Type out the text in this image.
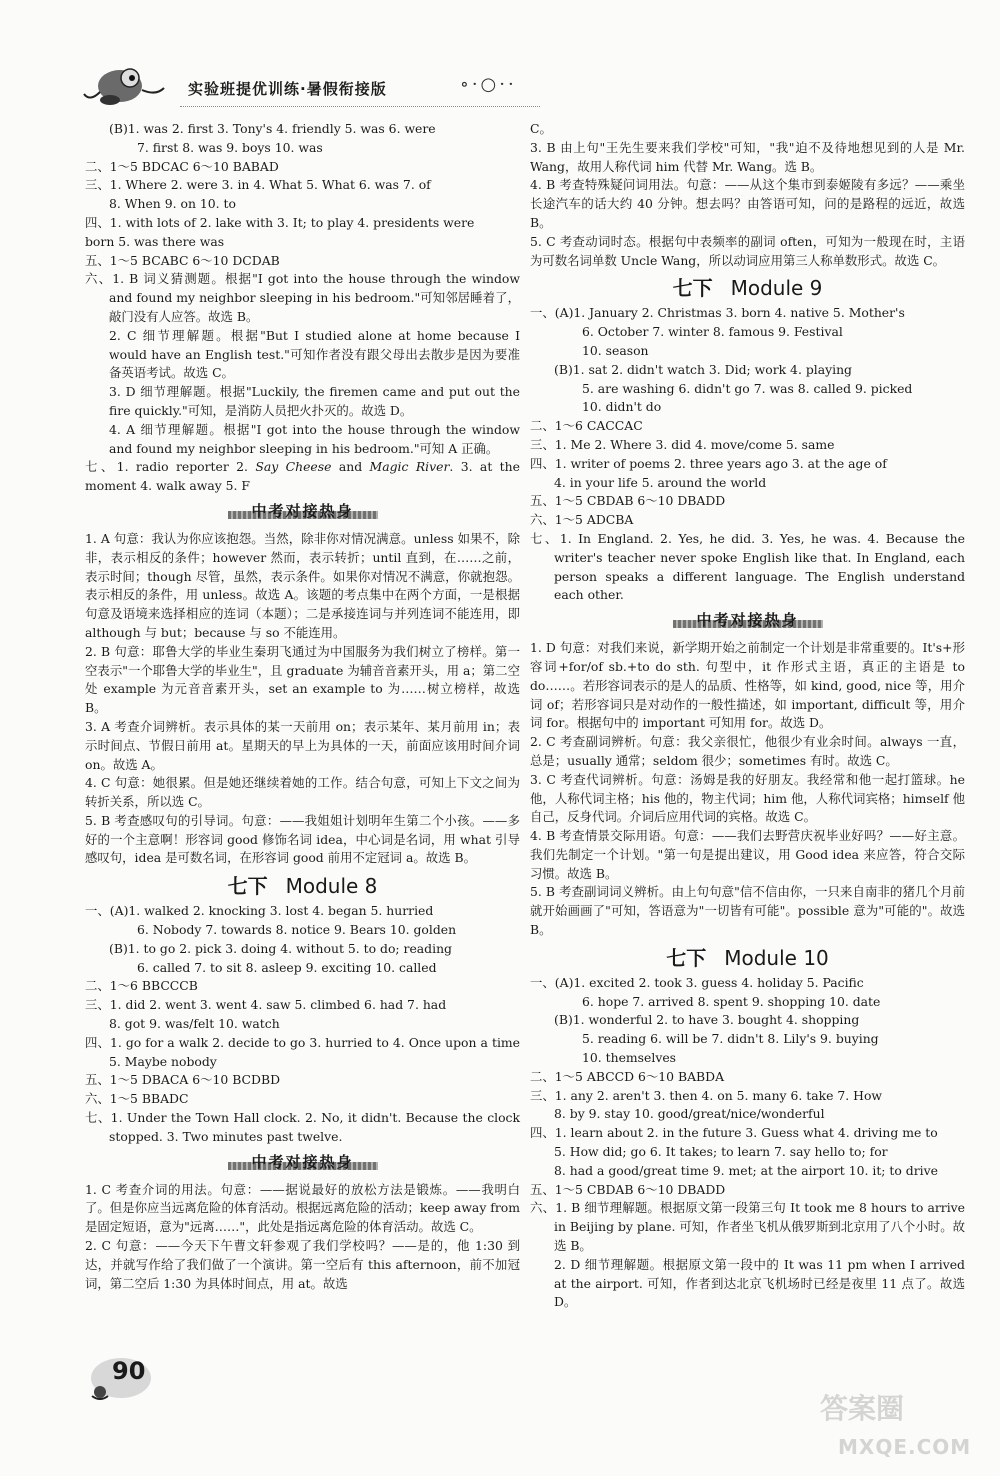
实验班提优训练·暑假衔接版	∘·○··

(B)1. was 2. first 3. Tony's 4. friendly 5. was 6. were

7. first 8. was 9. boys 10. was

二、1～5 BDCAC 6～10 BABAD

三、1. Where 2. were 3. in 4. What 5. What 6. was 7. of

8. When 9. on 10. to

四、1. with lots of 2. lake with 3. It; to play 4. presidents were

born 5. was there was

五、1～5 BCABC 6～10 DCDAB

六、1. B 词义猜测题。根据"I got into the house through the window and found my neighbor sleeping in his bedroom."可知邻居睡着了，敲门没有人应答。故选 B。

2. C 细节理解题。根据"But I studied alone at home because I would have an English test."可知作者没有跟父母出去散步是因为要准备英语考试。故选 C。

3. D 细节理解题。根据"Luckily, the firemen came and put out the fire quickly."可知，是消防人员把火扑灭的。故选 D。

4. A 细节理解题。根据"I got into the house through the window and found my neighbor sleeping in his bedroom."可知 A 正确。

七、1. radio reporter 2. Say Cheese and Magic River. 3. at the moment 4. walk away 5. F

中考对接热身

1. A 句意：我认为你应该抱怨。当然，除非你对情况满意。unless 如果不，除非，表示相反的条件；however 然而，表示转折；until 直到，在……之前，表示时间；though 尽管，虽然，表示条件。如果你对情况不满意，你就抱怨。表示相反的条件，用 unless。故选 A。该题的考点集中在两个方面，一是根据句意及语境来选择相应的连词（本题）；二是承接连词与并列连词不能连用，即 although 与 but；because 与 so 不能连用。

2. B 句意：耶鲁大学的毕业生秦玥飞通过为中国服务为我们树立了榜样。第一空表示"一个耶鲁大学的毕业生"，且 graduate 为辅音音素开头，用 a；第二空处 example 为元音音素开头，set an example to 为……树立榜样，故选 B。

3. A 考查介词辨析。表示具体的某一天前用 on；表示某年、某月前用 in；表示时间点、节假日前用 at。星期天的早上为具体的一天，前面应该用时间介词 on。故选 A。

4. C 句意：她很累。但是她还继续着她的工作。结合句意，可知上下文之间为转折关系，所以选 C。

5. B 考查感叹句的引导词。句意：——我姐姐计划明年生第二个小孩。——多好的一个主意啊！形容词 good 修饰名词 idea，中心词是名词，用 what 引导感叹句，idea 是可数名词，在形容词 good 前用不定冠词 a。故选 B。

七下 Module 8

一、(A)1. walked 2. knocking 3. lost 4. began 5. hurried

6. Nobody 7. towards 8. notice 9. Bears 10. golden

(B)1. to go 2. pick 3. doing 4. without 5. to do; reading

6. called 7. to sit 8. asleep 9. exciting 10. called

二、1～6 BBCCCB

三、1. did 2. went 3. went 4. saw 5. climbed 6. had 7. had

8. got 9. was/felt 10. watch

四、1. go for a walk 2. decide to go 3. hurried to 4. Once upon a time 5. Maybe nobody

五、1～5 DBACA 6～10 BCDBD

六、1～5 BBADC

七、1. Under the Town Hall clock. 2. No, it didn't. Because the clock stopped. 3. Two minutes past twelve.

中考对接热身

1. C 考查介词的用法。句意：——据说最好的放松方法是锻炼。——我明白了。但是你应当远离危险的体育活动。根据远离危险的活动；keep away from 是固定短语，意为"远离……"，此处是指远离危险的体育活动。故选 C。

2. C 句意：——今天下午曹文轩参观了我们学校吗？——是的，他 1:30 到达，并就写作给了我们做了一个演讲。第一空后有 this afternoon，前不加冠词，第二空后 1:30 为具体时间点，用 at。故选

C。

3. B 由上句"王先生要来我们学校"可知，"我"迫不及待地想见到的人是 Mr. Wang，故用人称代词 him 代替 Mr. Wang。选 B。

4. B 考查特殊疑问词用法。句意：——从这个集市到泰姬陵有多远？——乘坐长途汽车的话大约 40 分钟。想去吗？由答语可知，问的是路程的远近，故选 B。

5. C 考查动词时态。根据句中表频率的副词 often，可知为一般现在时，主语为可数名词单数 Uncle Wang，所以动词应用第三人称单数形式。故选 C。

七下 Module 9

一、(A)1. January 2. Christmas 3. born 4. native 5. Mother's

6. October 7. winter 8. famous 9. Festival

10. season

(B)1. sat 2. didn't watch 3. Did; work 4. playing

5. are washing 6. didn't go 7. was 8. called 9. picked

10. didn't do

二、1～6 CACCAC

三、1. Me 2. Where 3. did 4. move/come 5. same

四、1. writer of poems 2. three years ago 3. at the age of

4. in your life 5. around the world

五、1～5 CBDAB 6～10 DBADD

六、1～5 ADCBA

七、1. In England. 2. Yes, he did. 3. Yes, he was. 4. Because the writer's teacher never spoke English like that. In England, each person speaks a different language. The English understand each other.

中考对接热身

1. D 句意：对我们来说，新学期开始之前制定一个计划是非常重要的。It's+形容词+for/of sb.+to do sth. 句型中，it 作形式主语，真正的主语是 to do……。若形容词表示的是人的品质、性格等，如 kind, good, nice 等，用介词 of；若形容词只是对动作的一般性描述，如 important, difficult 等，用介词 for。根据句中的 important 可知用 for。故选 D。

2. C 考查副词辨析。句意：我父亲很忙，他很少有业余时间。always 一直，总是；usually 通常；seldom 很少；sometimes 有时。故选 C。

3. C 考查代词辨析。句意：汤姆是我的好朋友。我经常和他一起打篮球。he 他，人称代词主格；his 他的，物主代词；him 他，人称代词宾格；himself 他自己，反身代词。介词后应用代词的宾格。故选 C。

4. B 考查情景交际用语。句意：——我们去野营庆祝毕业好吗？——好主意。我们先制定一个计划。"第一句是提出建议，用 Good idea 来应答，符合交际习惯。故选 B。

5. B 考查副词词义辨析。由上句句意"信不信由你，一只来自南非的猪几个月前就开始画画了"可知，答语意为"一切皆有可能"。possible 意为"可能的"。故选 B。

七下 Module 10

一、(A)1. excited 2. took 3. guess 4. holiday 5. Pacific

6. hope 7. arrived 8. spent 9. shopping 10. date

(B)1. wonderful 2. to have 3. bought 4. shopping

5. reading 6. will be 7. didn't 8. Lily's 9. buying

10. themselves

二、1～5 ABCCD 6～10 BABDA

三、1. any 2. aren't 3. then 4. on 5. many 6. take 7. How

8. by 9. stay 10. good/great/nice/wonderful

四、1. learn about 2. in the future 3. Guess what 4. driving me to

5. How did; go 6. It takes; to learn 7. say hello to; for

8. had a good/great time 9. met; at the airport 10. it; to drive

五、1～5 CBDAB 6～10 DBADD

六、1. B 细节理解题。根据原文第一段第三句 It took me 8 hours to arrive in Beijing by plane. 可知，作者坐飞机从俄罗斯到北京用了八个小时。故选 B。

2. D 细节理解题。根据原文第一段中的 It was 11 pm when I arrived at the airport. 可知，作者到达北京飞机场时已经是夜里 11 点了。故选 D。

90
答案圈
MXQE.COM
